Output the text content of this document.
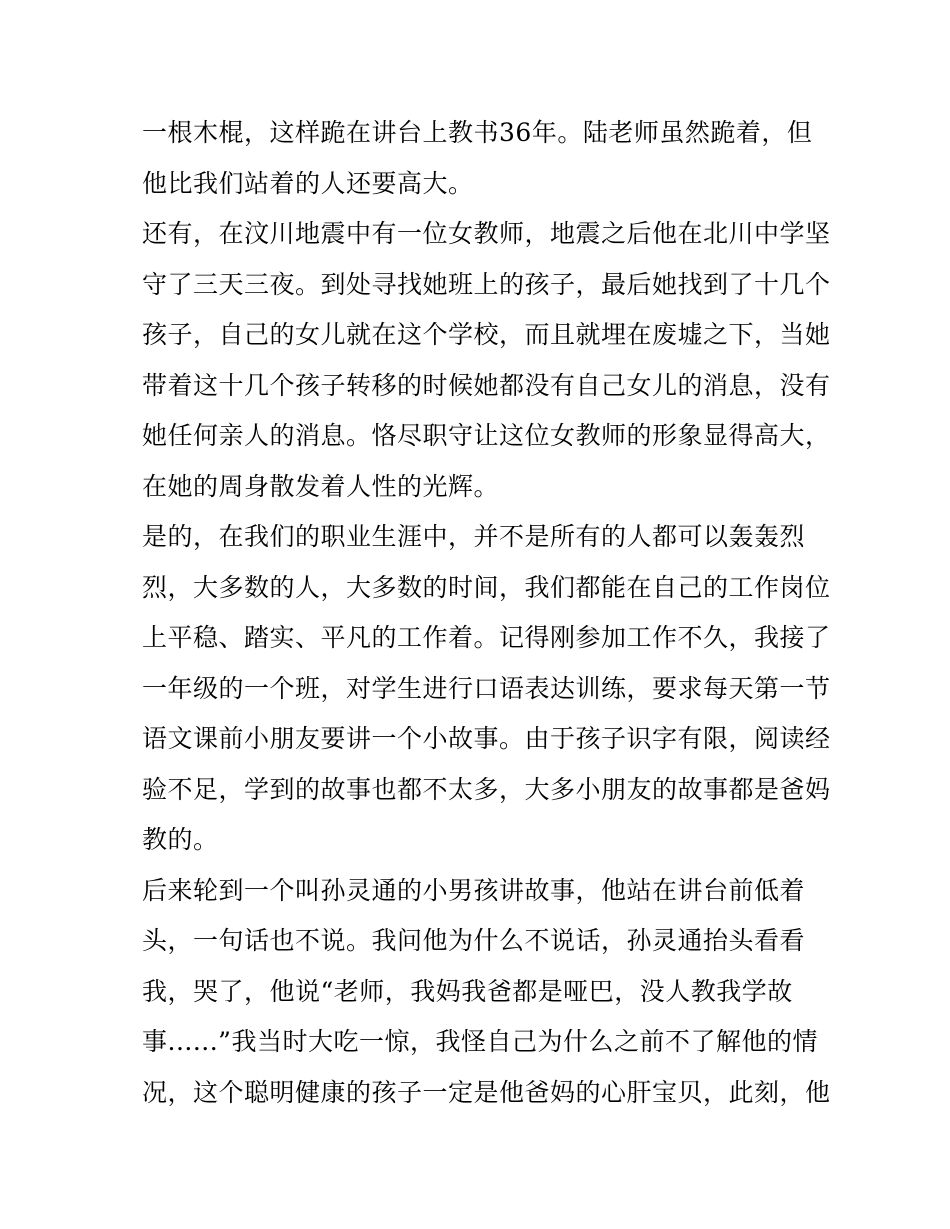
一根木棍，这样跪在讲台上教书36年。陆老师虽然跪着，但
他比我们站着的人还要高大。
还有，在汶川地震中有一位女教师，地震之后他在北川中学坚
守了三天三夜。到处寻找她班上的孩子，最后她找到了十几个
孩子，自己的女儿就在这个学校，而且就埋在废墟之下，当她
带着这十几个孩子转移的时候她都没有自己女儿的消息，没有
她任何亲人的消息。恪尽职守让这位女教师的形象显得高大，
在她的周身散发着人性的光辉。
是的，在我们的职业生涯中，并不是所有的人都可以轰轰烈
烈，大多数的人，大多数的时间，我们都能在自己的工作岗位
上平稳、踏实、平凡的工作着。记得刚参加工作不久，我接了
一年级的一个班，对学生进行口语表达训练，要求每天第一节
语文课前小朋友要讲一个小故事。由于孩子识字有限，阅读经
验不足，学到的故事也都不太多，大多小朋友的故事都是爸妈
教的。
后来轮到一个叫孙灵通的小男孩讲故事，他站在讲台前低着
头，一句话也不说。我问他为什么不说话，孙灵通抬头看看
我，哭了，他说“老师，我妈我爸都是哑巴，没人教我学故
事......”我当时大吃一惊，我怪自己为什么之前不了解他的情
况，这个聪明健康的孩子一定是他爸妈的心肝宝贝，此刻，他
